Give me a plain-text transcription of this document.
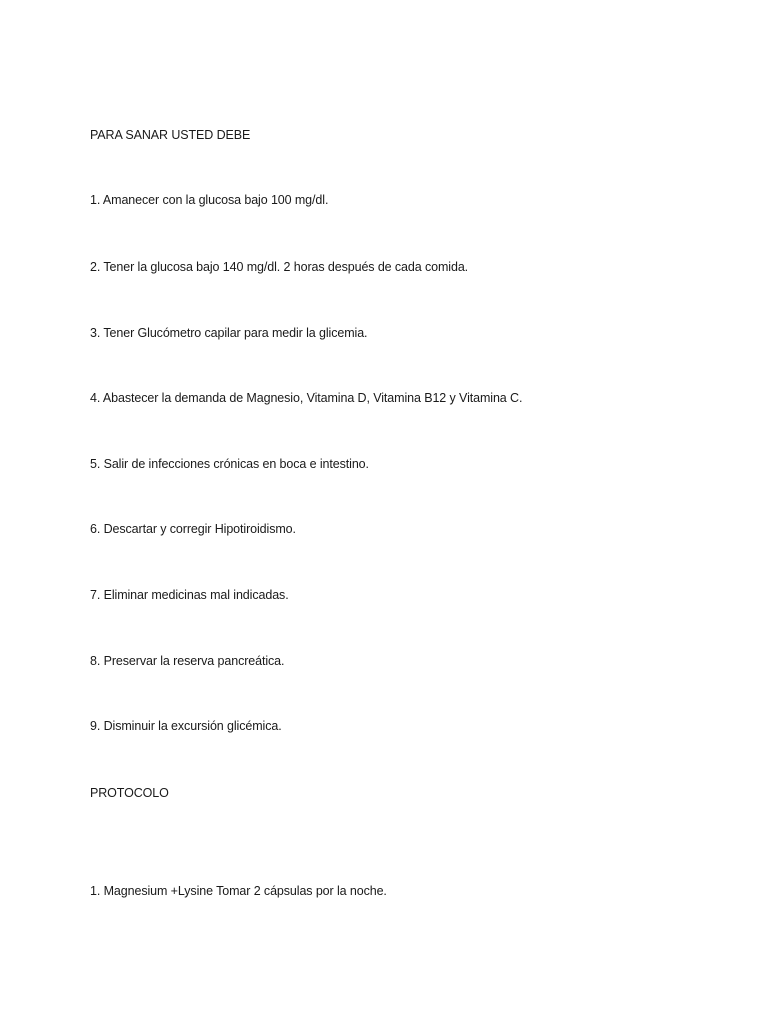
PARA SANAR USTED DEBE
1. Amanecer con la glucosa bajo 100 mg/dl.
2. Tener la glucosa bajo 140 mg/dl. 2 horas después de cada comida.
3. Tener Glucómetro capilar para medir la glicemia.
4. Abastecer la demanda de Magnesio, Vitamina D, Vitamina B12 y Vitamina C.
5. Salir de infecciones crónicas en boca e intestino.
6. Descartar y corregir Hipotiroidismo.
7. Eliminar medicinas mal indicadas.
8. Preservar la reserva pancreática.
9. Disminuir la excursión glicémica.
PROTOCOLO
1. Magnesium +Lysine Tomar 2 cápsulas por la noche.
